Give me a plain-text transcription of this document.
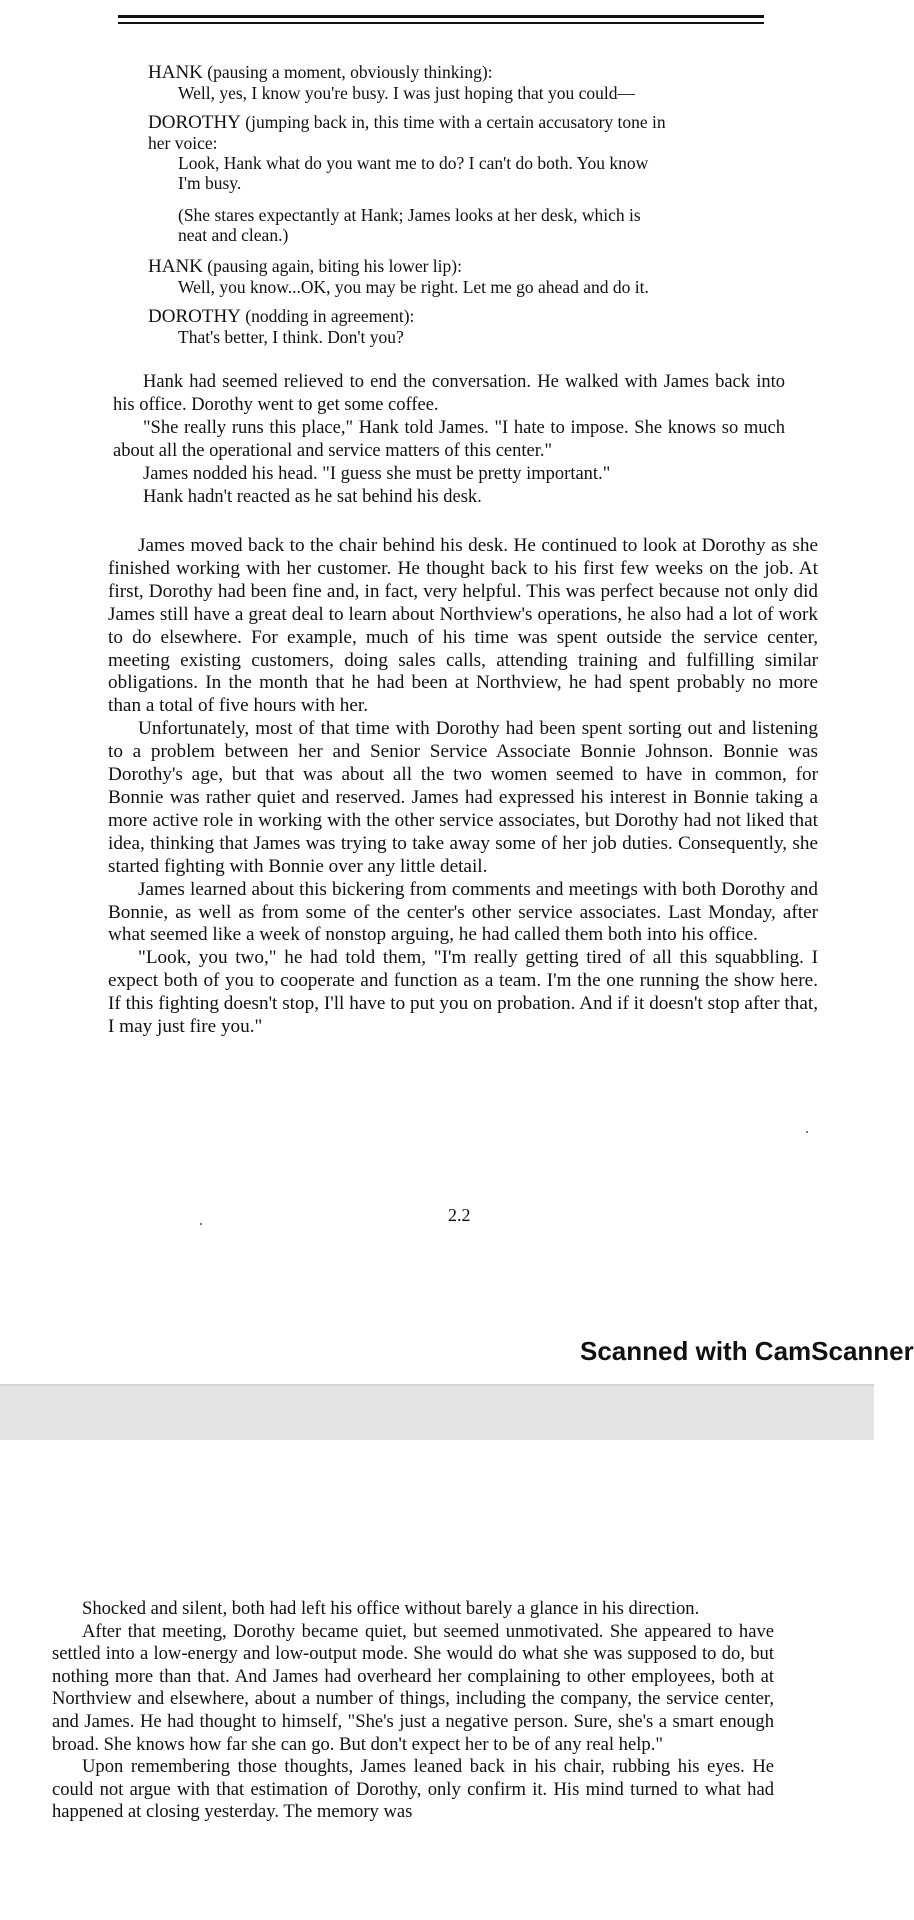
HANK (pausing a moment, obviously thinking):
Well, yes, I know you're busy. I was just hoping that you could—
DOROTHY (jumping back in, this time with a certain accusatory tone in
her voice:
Look, Hank what do you want me to do? I can't do both. You know
I'm busy.
(She stares expectantly at Hank; James looks at her desk, which is
neat and clean.)
HANK (pausing again, biting his lower lip):
Well, you know...OK, you may be right. Let me go ahead and do it.
DOROTHY (nodding in agreement):
That's better, I think. Don't you?

Hank had seemed relieved to end the conversation. He walked with James back into his office. Dorothy went to get some coffee.

"She really runs this place," Hank told James. "I hate to impose. She knows so much about all the operational and service matters of this center."

James nodded his head. "I guess she must be pretty important."

Hank hadn't reacted as he sat behind his desk.

James moved back to the chair behind his desk. He continued to look at Dorothy as she finished working with her customer. He thought back to his first few weeks on the job. At first, Dorothy had been fine and, in fact, very helpful. This was perfect because not only did James still have a great deal to learn about Northview's operations, he also had a lot of work to do elsewhere. For example, much of his time was spent outside the service center, meeting existing customers, doing sales calls, attending training and fulfilling similar obligations. In the month that he had been at Northview, he had spent probably no more than a total of five hours with her.

Unfortunately, most of that time with Dorothy had been spent sorting out and listening to a problem between her and Senior Service Associate Bonnie Johnson. Bonnie was Dorothy's age, but that was about all the two women seemed to have in common, for Bonnie was rather quiet and reserved. James had expressed his interest in Bonnie taking a more active role in working with the other service associates, but Dorothy had not liked that idea, thinking that James was trying to take away some of her job duties. Consequently, she started fighting with Bonnie over any little detail.

James learned about this bickering from comments and meetings with both Dorothy and Bonnie, as well as from some of the center's other service associates. Last Monday, after what seemed like a week of nonstop arguing, he had called them both into his office.

"Look, you two," he had told them, "I'm really getting tired of all this squabbling. I expect both of you to cooperate and function as a team. I'm the one running the show here. If this fighting doesn't stop, I'll have to put you on probation. And if it doesn't stop after that, I may just fire you."

2.2
Scanned with CamScanner

Shocked and silent, both had left his office without barely a glance in his direction.

After that meeting, Dorothy became quiet, but seemed unmotivated. She appeared to have settled into a low-energy and low-output mode. She would do what she was supposed to do, but nothing more than that. And James had overheard her complaining to other employees, both at Northview and elsewhere, about a number of things, including the company, the service center, and James. He had thought to himself, "She's just a negative person. Sure, she's a smart enough broad. She knows how far she can go. But don't expect her to be of any real help."

Upon remembering those thoughts, James leaned back in his chair, rubbing his eyes. He could not argue with that estimation of Dorothy, only confirm it. His mind turned to what had happened at closing yesterday. The memory was
